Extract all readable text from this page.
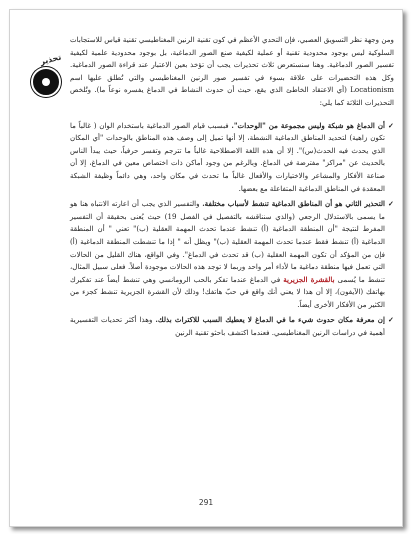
تحذير

ومن وجهة نظر التسويق العصبي، فإن التحدي الأعظم في كون تقنية الرنين المغناطيسي تقنية قياس للاستجابات السلوكية ليس بوجود محدودية تقنية أو عملية لكيفية صنع الصور الدماغية، بل بوجود محدودية علمية لكيفية تفسير الصور الدماغية. وهنا سنستعرض ثلاث تحذيرات يجب أن تؤخذ بعين الاعتبار عند قراءة الصور الدماغية. وكل هذه التحضيرات على علاقة بسوء في تفسير صور الرنين المغناطيسي والتي تُطلق عليها اسم Locationism (أي الاعتقاد الخاطئ الذي يقع، حيث أن حدوث النشاط في الدماغ يفسره نوعاً ما). وتُلخص التحذيرات الثلاثة كما يلي:

✓
أن الدماغ هو شبكة وليس مجموعة من "الوحدات". فبسبب قيام الصور الدماغية باستخدام الوان ( غالباً ما تكون زاهية) لتحديد المناطق الدماغية النشطة، إلا أنها تميل إلى وصف هذه المناطق بالوحدات "أي المكان الذي يحدث فيه الحدث(س)". إلا أن هذه اللغة الاصطلاحية غالباً ما تترجم وتفسر حرفياً، حيث يبدأ الناس بالحديث عن "مراكز" مفترضة في الدماغ. وبالرغم من وجود أماكن ذات اختصاص معين في الدماغ، إلا أن صناعة الأفكار والمشاعر والاختيارات والأفعال غالباً ما تحدث في مكان واحد، وهي دائماً وظيفة الشبكة المعقدة في المناطق الدماغية المتفاعلة مع بعضها.

✓
التحذير الثاني هو أن المناطق الدماغية تنشط لأسباب مختلفة. والتفسير الذي يجب أن اعارته الانتباه هنا هو ما يسمى بالاستدلال الرجعي (والذي سنناقشه بالتفصيل في الفصل 19) حيث يُعنى بحقيقة أن التفسير المفرط لنتيجة "أن المنطقة الدماغية (أ) تنشط عندما تحدث المهمة العقلية (ب)" تعني " أن المنطقة الدماغية (أ) تنشط فقط عندما تحدث المهمة العقلية (ب)" ويظل أنه " إذا ما تنشطت المنطقة الدماغية (أ) فإن من المؤكد أن تكون المهمة العقلية (ب) قد تحدث في الدماغ". وفي الواقع، هناك القليل من الحالات التي تعمل فيها منطقة دماغية ما لأداء أمر واحد وربما لا توجد هذه الحالات موجودة أصلاً. فعلى سبيل المثال، تنشط ما يُسمى بالقشرة الجزيرية في الدماغ عندما تفكر بالحب الرومانسي وهي تنشط أيضاً عند تفكيرك بهاتفك (الآيفون)، إلا أن هذا لا يعني أنك واقع في حبّ هاتفك! وذلك لأن القشرة الجزيرية تنشط كجزء من الكثير من الأفكار الأخرى أيضاً.

✓
إن معرفة مكان حدوث شيء ما في الدماغ لا يعطيك السبب للاكتراث بذلك. وهذا أكثر تحديات التفسيرية أهمية في دراسات الرنين المغناطيسي. فعندما اكتشف باحثو تقنية الرنين

291
